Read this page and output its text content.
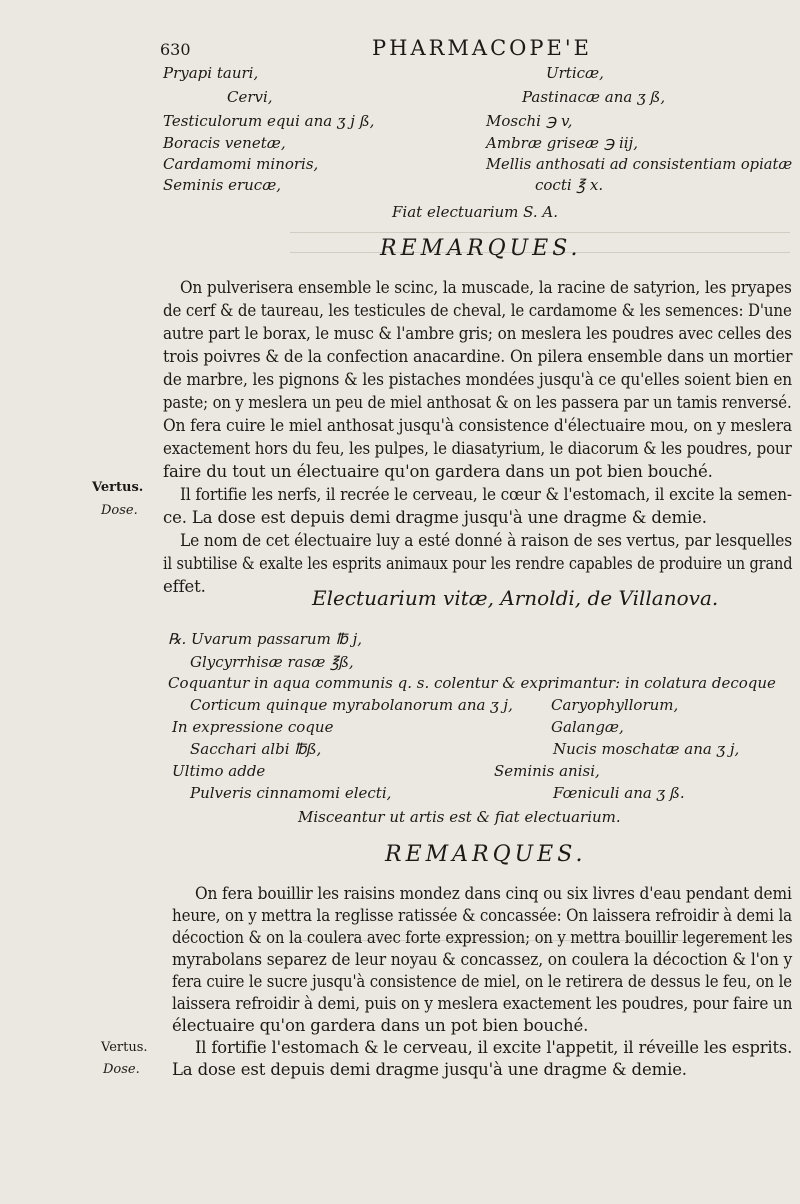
630	PHARMACOPE'E
Pryapi tauri,
Cervi,
Testiculorum equi ana ʒ j ß,
Boracis venetæ,
Cardamomi minoris,
Seminis erucæ,
Urticæ,
Pastinacæ ana ʒ ß,
Moschi ℈ v,
Ambræ griseæ ℈ iij,
Mellis anthosati ad consistentiam opiatæ
cocti ℥ x.
Fiat electuarium S. A.
REMARQUES.
On pulverisera ensemble le scinc, la muscade, la racine de satyrion, les pryapes
de cerf & de taureau, les testicules de cheval, le cardamome & les semences: D'une
autre part le borax, le musc & l'ambre gris; on meslera les poudres avec celles des
trois poivres & de la confection anacardine. On pilera ensemble dans un mortier
de marbre, les pignons & les pistaches mondées jusqu'à ce qu'elles soient bien en
paste; on y meslera un peu de miel anthosat & on les passera par un tamis renversé.
On fera cuire le miel anthosat jusqu'à consistence d'électuaire mou, on y meslera
exactement hors du feu, les pulpes, le diasatyrium, le diacorum & les poudres, pour
faire du tout un électuaire qu'on gardera dans un pot bien bouché.
Il fortifie les nerfs, il recrée le cerveau, le cœur & l'estomach, il excite la semen-
ce. La dose est depuis demi dragme jusqu'à une dragme & demie.
Le nom de cet électuaire luy a esté donné à raison de ses vertus, par lesquelles
il subtilise & exalte les esprits animaux pour les rendre capables de produire un grand
effet.
Vertus.
Dose.
Electuarium vitæ, Arnoldi, de Villanova.
℞. Uvarum passarum ℔ j,
Glycyrrhisæ rasæ ℥ß,
Coquantur in aqua communis q. s. colentur & exprimantur: in colatura decoque
Corticum quinque myrabolanorum ana ʒ j,
In expressione coque
Sacchari albi ℔ß,
Ultimo adde
Pulveris cinnamomi electi,
Caryophyllorum,
Galangæ,
Nucis moschatæ ana ʒ j,
Seminis anisi,
Fœniculi ana ʒ ß.
Misceantur ut artis est & fiat electuarium.
REMARQUES.
On fera bouillir les raisins mondez dans cinq ou six livres d'eau pendant demi
heure, on y mettra la reglisse ratissée & concassée: On laissera refroidir à demi la
décoction & on la coulera avec forte expression; on y mettra bouillir legerement les
myrabolans separez de leur noyau & concassez, on coulera la décoction & l'on y
fera cuire le sucre jusqu'à consistence de miel, on le retirera de dessus le feu, on le
laissera refroidir à demi, puis on y meslera exactement les poudres, pour faire un
électuaire qu'on gardera dans un pot bien bouché.
Il fortifie l'estomach & le cerveau, il excite l'appetit, il réveille les esprits.
La dose est depuis demi dragme jusqu'à une dragme & demie.
Vertus.
Dose.
